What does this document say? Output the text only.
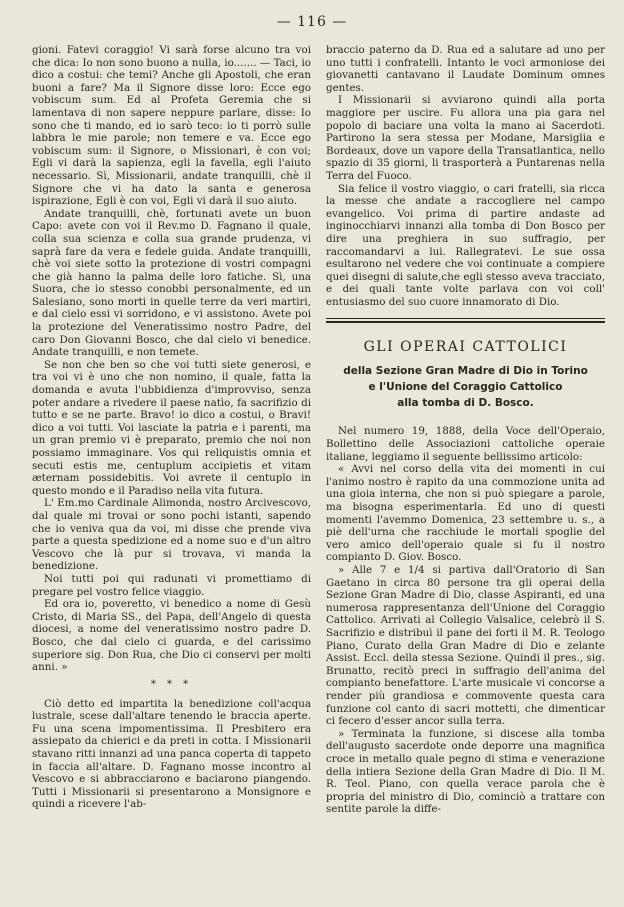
— 116 —

gioni. Fatevi coraggio! Vi sarà forse alcuno tra voi che dica: Io non sono buono a nulla, io....... — Taci, io dico a costui: che temi? Anche gli Apostoli, che eran buoni a fare? Ma il Signore disse loro: Ecce ego vobiscum sum. Ed al Profeta Geremia che si lamentava di non sapere neppure parlare, disse: Io sono che ti mando, ed io sarò teco: io ti porrò sulle labbra le mie parole; non temere e va. Ecce ego vobiscum sum: il Signore, o Missionari, è con voi; Egli vi darà la sapienza, egli la favella, egli l'aiuto necessario. Sì, Missionarii, andate tranquilli, chè il Signore che vi ha dato la santa e generosa ispirazione, Egli è con voi, Egli vi darà il suo aiuto.

Andate tranquilli, chè, fortunati avete un buon Capo: avete con voi il Rev.mo D. Fagnano il quale, colla sua scienza e colla sua grande prudenza, vi saprà fare da vera e fedele guida. Andate tranquilli, chè voi siete sotto la protezione di vostri compagni che già hanno la palma delle loro fatiche. Sì, una Suora, che io stesso conobbi personalmente, ed un Salesiano, sono morti in quelle terre da veri martiri, e dal cielo essi vi sorridono, e vi assistono. Avete poi la protezione del Veneratissimo nostro Padre, del caro Don Giovanni Bosco, che dal cielo vi benedice. Andate tranquilli, e non temete.

Se non che ben so che voi tutti siete generosi, e tra voi vi è uno che non nomino, il quale, fatta la domanda e avuta l'ubbidienza d'improvviso, senza poter andare a rivedere il paese natìo, fa sacrifizio di tutto e se ne parte. Bravo! io dico a costui, o Bravi! dico a voi tutti. Voi lasciate la patria e i parenti, ma un gran premio vi è preparato, premio che noi non possiamo immaginare. Vos qui reliquistis omnia et secuti estis me, centuplum accipietis et vitam æternam possidebitis. Voi avrete il centuplo in questo mondo e il Paradiso nella vita futura.

L' Em.mo Cardinale Alimonda, nostro Arcivescovo, dal quale mi trovai or sono pochi istanti, sapendo che io veniva qua da voi, mi disse che prende viva parte a questa spedizione ed a nome suo e d'un altro Vescovo che là pur si trovava, vi manda la benedizione.

Noi tutti poi qui radunati vi promettiamo di pregare pel vostro felice viaggio.

Ed ora io, poveretto, vi benedico a nome di Gesù Cristo, di Maria SS., del Papa, dell'Angelo di questa diocesi, a nome del veneratissimo nostro padre D. Bosco, che dal cielo ci guarda, e del carissimo superiore sig. Don Rua, che Dio ci conservi per molti anni. »

* * *

Ciò detto ed impartita la benedizione coll'acqua lustrale, scese dall'altare tenendo le braccia aperte. Fu una scena impomentissima. Il Presbitero era assiepato da chierici e da preti in cotta. I Missionarii stavano ritti innanzi ad una panca coperta di tappeto in faccia all'altare. D. Fagnano mosse incontro al Vescovo e si abbracciarono e baciarono piangendo. Tutti i Missionarii si presentarono a Monsignore e quindi a ricevere l'ab-

braccio paterno da D. Rua ed a salutare ad uno per uno tutti i confratelli. Intanto le voci armoniose dei giovanetti cantavano il Laudate Dominum omnes gentes.

I Missionarii si avviarono quindi alla porta maggiore per uscire. Fu allora una pia gara nel popolo di baciare una volta la mano ai Sacerdoti. Partirono la sera stessa per Modane, Marsiglia e Bordeaux, dove un vapore della Transatlantica, nello spazio di 35 giorni, li trasporterà a Puntarenas nella Terra del Fuoco.

Sia felice il vostro viaggio, o cari fratelli, sia ricca la messe che andate a raccogliere nel campo evangelico. Voi prima di partire andaste ad inginocchiarvi innanzi alla tomba di Don Bosco per dire una preghiera in suo suffragio, per raccomandarvi a lui. Rallegratevi. Le sue ossa esultarono nel vedere che voi continuate a compiere quei disegni di salute,che egli stesso aveva tracciato, e dei quali tante volte parlava con voi coll' entusiasmo del suo cuore innamorato di Dio.

GLI OPERAI CATTOLICI
della Sezione Gran Madre di Dio in Torino
e l'Unione del Coraggio Cattolico
alla tomba di D. Bosco.

Nel numero 19, 1888, della Voce dell'Operaio, Bollettino delle Associazioni cattoliche operaie italiane, leggiamo il seguente bellissimo articolo:

« Avvi nel corso della vita dei momenti in cui l'animo nostro è rapito da una commozione unita ad una gioia interna, che non si può spiegare a parole, ma bisogna esperimentarla. Ed uno di questi momenti l'avemmo Domenica, 23 settembre u. s., a piè dell'urna che racchiude le mortali spoglie del vero amico dell'operaio quale si fu il nostro compianto D. Giov. Bosco.

» Alle 7 e 1/4 si partiva dall'Oratorio di San Gaetano in circa 80 persone tra gli operai della Sezione Gran Madre di Dio, classe Aspiranti, ed una numerosa rappresentanza dell'Unione del Coraggio Cattolico. Arrivati al Collegio Valsalice, celebrò il S. Sacrifizio e distribuì il pane dei forti il M. R. Teologo Piano, Curato della Gran Madre di Dio e zelante Assist. Eccl. della stessa Sezione. Quindi il pres., sig. Brunatto, recitò preci in suffragio dell'anima del compianto benefattore. L'arte musicale vi concorse a render più grandiosa e commovente questa cara funzione col canto di sacri mottetti, che dimenticar ci fecero d'esser ancor sulla terra.

» Terminata la funzione, si discese alla tomba dell'augusto sacerdote onde deporre una magnifica croce in metallo quale pegno di stima e venerazione della intiera Sezione della Gran Madre di Dio. Il M. R. Teol. Piano, con quella verace parola che è propria del ministro di Dio, cominciò a trattare con sentite parole la diffe-
